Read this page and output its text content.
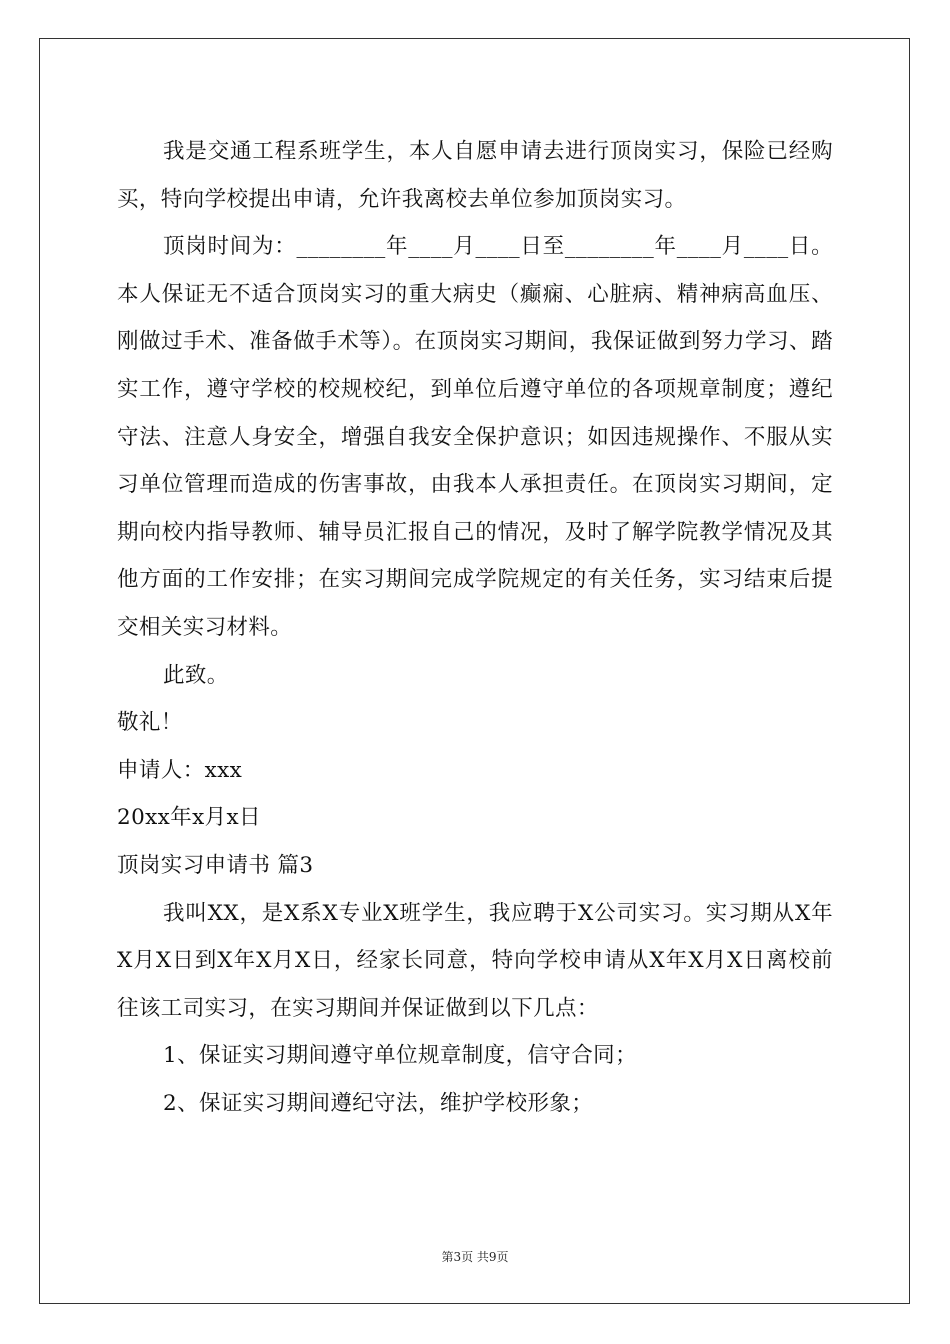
我是交通工程系班学生，本人自愿申请去进行顶岗实习，保险已经购买，特向学校提出申请，允许我离校去单位参加顶岗实习。

顶岗时间为：________年____月____日至________年____月____日。本人保证无不适合顶岗实习的重大病史（癫痫、心脏病、精神病高血压、刚做过手术、准备做手术等）。在顶岗实习期间，我保证做到努力学习、踏实工作，遵守学校的校规校纪，到单位后遵守单位的各项规章制度；遵纪守法、注意人身安全，增强自我安全保护意识；如因违规操作、不服从实习单位管理而造成的伤害事故，由我本人承担责任。在顶岗实习期间，定期向校内指导教师、辅导员汇报自己的情况，及时了解学院教学情况及其他方面的工作安排；在实习期间完成学院规定的有关任务，实习结束后提交相关实习材料。

此致。

敬礼！

申请人：xxx

20xx年x月x日

顶岗实习申请书 篇3

我叫XX，是X系X专业X班学生，我应聘于X公司实习。实习期从X年X月X日到X年X月X日，经家长同意，特向学校申请从X年X月X日离校前往该工司实习，在实习期间并保证做到以下几点：

1、保证实习期间遵守单位规章制度，信守合同；

2、保证实习期间遵纪守法，维护学校形象；

第3页 共9页
